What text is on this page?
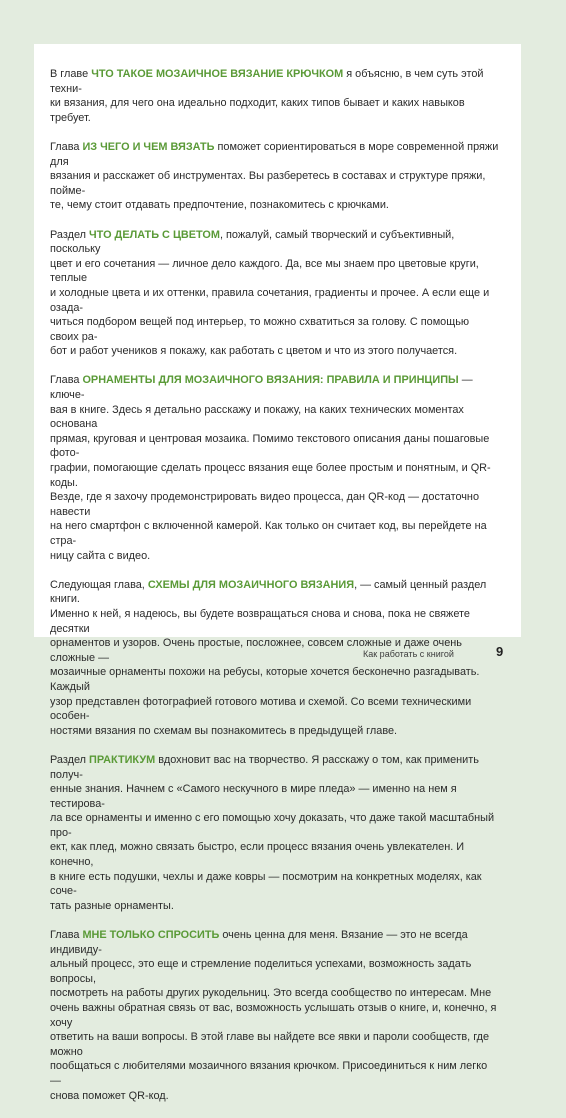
В главе ЧТО ТАКОЕ МОЗАИЧНОЕ ВЯЗАНИЕ КРЮЧКОМ я объясню, в чем суть этой техни-
ки вязания, для чего она идеально подходит, каких типов бывает и каких навыков требует.
Глава ИЗ ЧЕГО И ЧЕМ ВЯЗАТЬ поможет сориентироваться в море современной пряжи для
вязания и расскажет об инструментах. Вы разберетесь в составах и структуре пряжи, поймe-
те, чему стоит отдавать предпочтение, познакомитесь с крючками.
Раздел ЧТО ДЕЛАТЬ С ЦВЕТОМ, пожалуй, самый творческий и субъективный, поскольку
цвет и его сочетания — личное дело каждого. Да, все мы знаем про цветовые круги, теплые
и холодные цвета и их оттенки, правила сочетания, градиенты и прочее. А если еще и озада-
читься подбором вещей под интерьер, то можно схватиться за голову. С помощью своих ра-
бот и работ учеников я покажу, как работать с цветом и что из этого получается.
Глава ОРНАМЕНТЫ ДЛЯ МОЗАИЧНОГО ВЯЗАНИЯ: ПРАВИЛА И ПРИНЦИПЫ — ключе-
вая в книге. Здесь я детально расскажу и покажу, на каких технических моментах основана
прямая, круговая и центровая мозаика. Помимо текстового описания даны пошаговые фото-
графии, помогающие сделать процесс вязания еще более простым и понятным, и QR-коды.
Везде, где я захочу продемонстрировать видео процесса, дан QR-код — достаточно навести
на него смартфон с включенной камерой. Как только он считает код, вы перейдете на стра-
ницу сайта с видео.
Следующая глава, СХЕМЫ ДЛЯ МОЗАИЧНОГО ВЯЗАНИЯ, — самый ценный раздел книги.
Именно к ней, я надеюсь, вы будете возвращаться снова и снова, пока не свяжете десятки
орнаментов и узоров. Очень простые, посложнее, совсем сложные и даже очень сложные —
мозаичные орнаменты похожи на ребусы, которые хочется бесконечно разгадывать. Каждый
узор представлен фотографией готового мотива и схемой. Со всеми техническими особен-
ностями вязания по схемам вы познакомитесь в предыдущей главе.
Раздел ПРАКТИКУМ вдохновит вас на творчество. Я расскажу о том, как применить получ-
енные знания. Начнем с «Самого нескучного в мире пледа» — именно на нем я тестирова-
ла все орнаменты и именно с его помощью хочу доказать, что даже такой масштабный про-
ект, как плед, можно связать быстро, если процесс вязания очень увлекателен. И конечно,
в книге есть подушки, чехлы и даже ковры — посмотрим на конкретных моделях, как сочe-
тать разные орнаменты.
Глава МНЕ ТОЛЬКО СПРОСИТЬ очень ценна для меня. Вязание — это не всегда индивиду-
альный процесс, это еще и стремление поделиться успехами, возможность задать вопросы,
посмотреть на работы других рукодельниц. Это всегда сообщество по интересам. Мне
очень важны обратная связь от вас, возможность услышать отзыв о книге, и, конечно, я хочу
ответить на ваши вопросы. В этой главе вы найдете все явки и пароли сообществ, где можно
пообщаться с любителями мозаичного вязания крючком. Присоединиться к ним легко —
снова поможет QR-код.
Как работать с книгой	9
